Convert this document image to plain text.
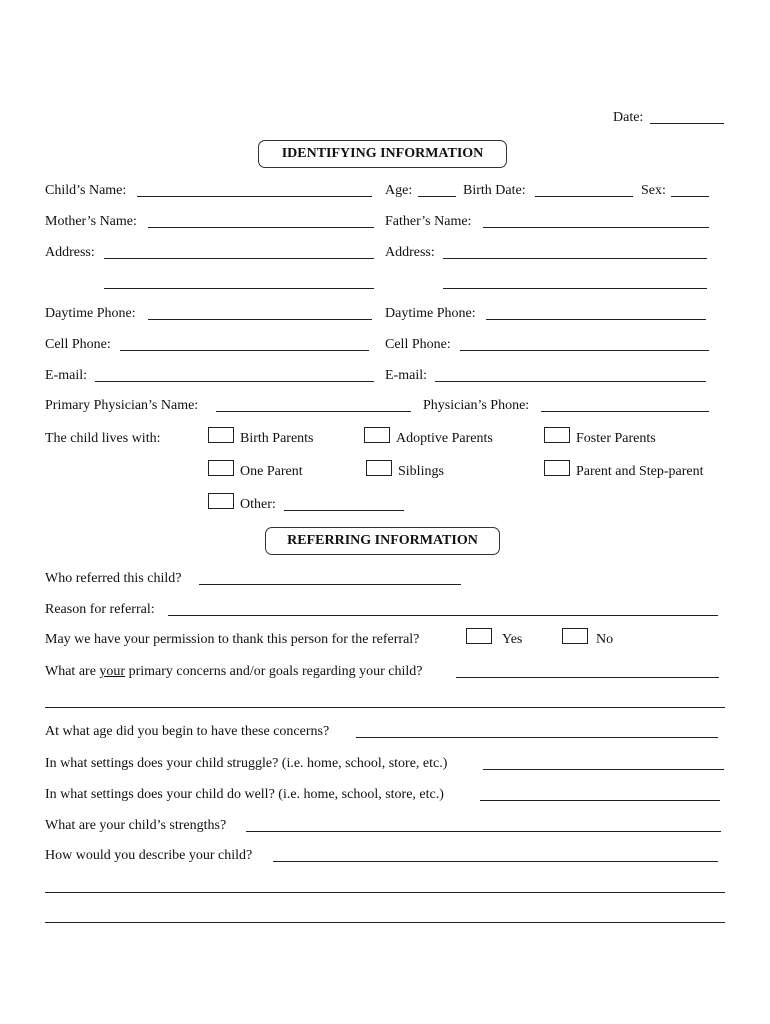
Date:
IDENTIFYING INFORMATION
Child’s Name:	Age:	Birth Date:	Sex:
Mother’s Name:	Father’s Name:
Address:	Address:
Daytime Phone:	Daytime Phone:
Cell Phone:	Cell Phone:
E-mail:	E-mail:
Primary Physician’s Name:	Physician’s Phone:
The child lives with:	Birth Parents	Adoptive Parents	Foster Parents
One Parent	Siblings	Parent and Step-parent
Other:
REFERRING INFORMATION
Who referred this child?
Reason for referral:
May we have your permission to thank this person for the referral?	Yes	No
What are your primary concerns and/or goals regarding your child?
At what age did you begin to have these concerns?
In what settings does your child struggle? (i.e. home, school, store, etc.)
In what settings does your child do well? (i.e. home, school, store, etc.)
What are your child’s strengths?
How would you describe your child?
